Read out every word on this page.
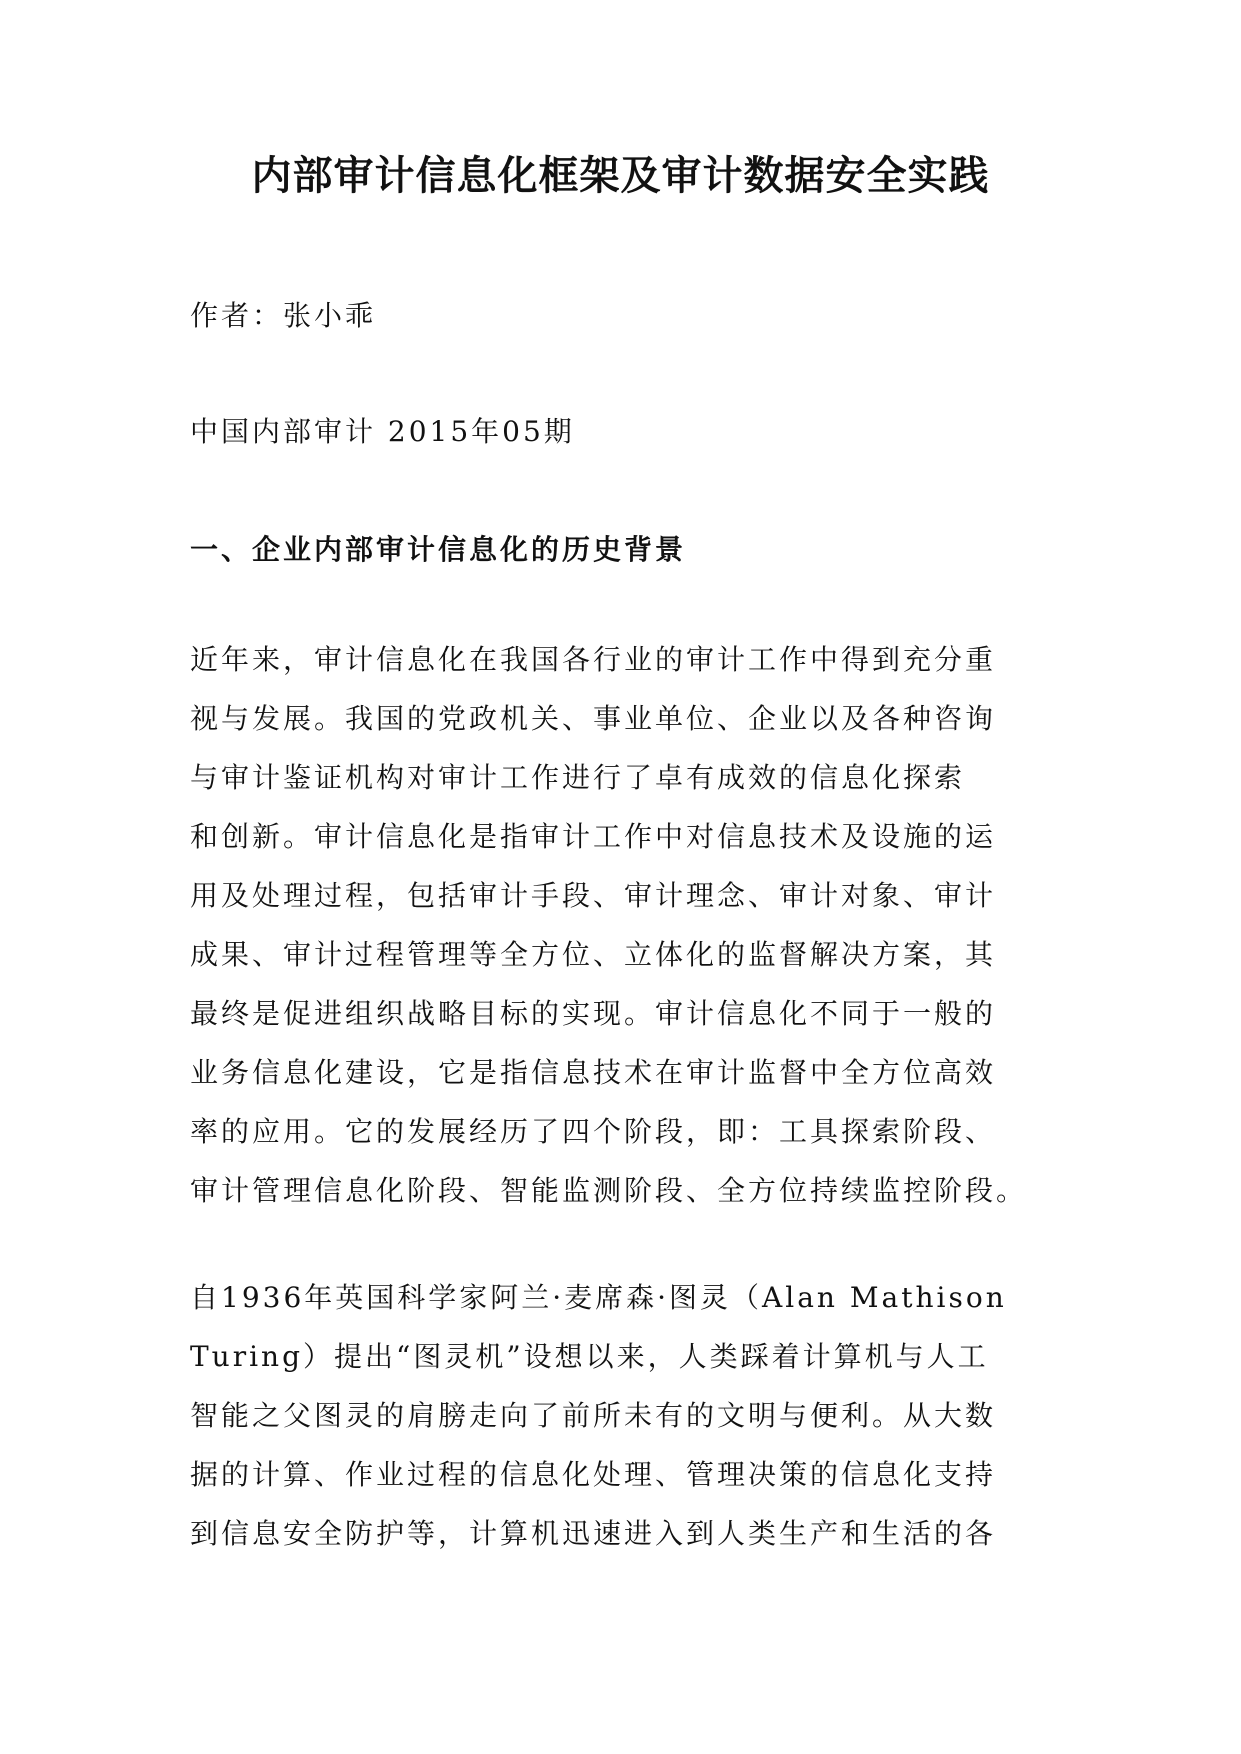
内部审计信息化框架及审计数据安全实践

作者：张小乖

中国内部审计 2015年05期

一、企业内部审计信息化的历史背景
近年来，审计信息化在我国各行业的审计工作中得到充分重
视与发展。我国的党政机关、事业单位、企业以及各种咨询
与审计鉴证机构对审计工作进行了卓有成效的信息化探索
和创新。审计信息化是指审计工作中对信息技术及设施的运
用及处理过程，包括审计手段、审计理念、审计对象、审计
成果、审计过程管理等全方位、立体化的监督解决方案，其
最终是促进组织战略目标的实现。审计信息化不同于一般的
业务信息化建设，它是指信息技术在审计监督中全方位高效
率的应用。它的发展经历了四个阶段，即：工具探索阶段、
审计管理信息化阶段、智能监测阶段、全方位持续监控阶段。
自1936年英国科学家阿兰·麦席森·图灵（Alan Mathison
Turing）提出“图灵机”设想以来，人类踩着计算机与人工
智能之父图灵的肩膀走向了前所未有的文明与便利。从大数
据的计算、作业过程的信息化处理、管理决策的信息化支持
到信息安全防护等，计算机迅速进入到人类生产和生活的各
